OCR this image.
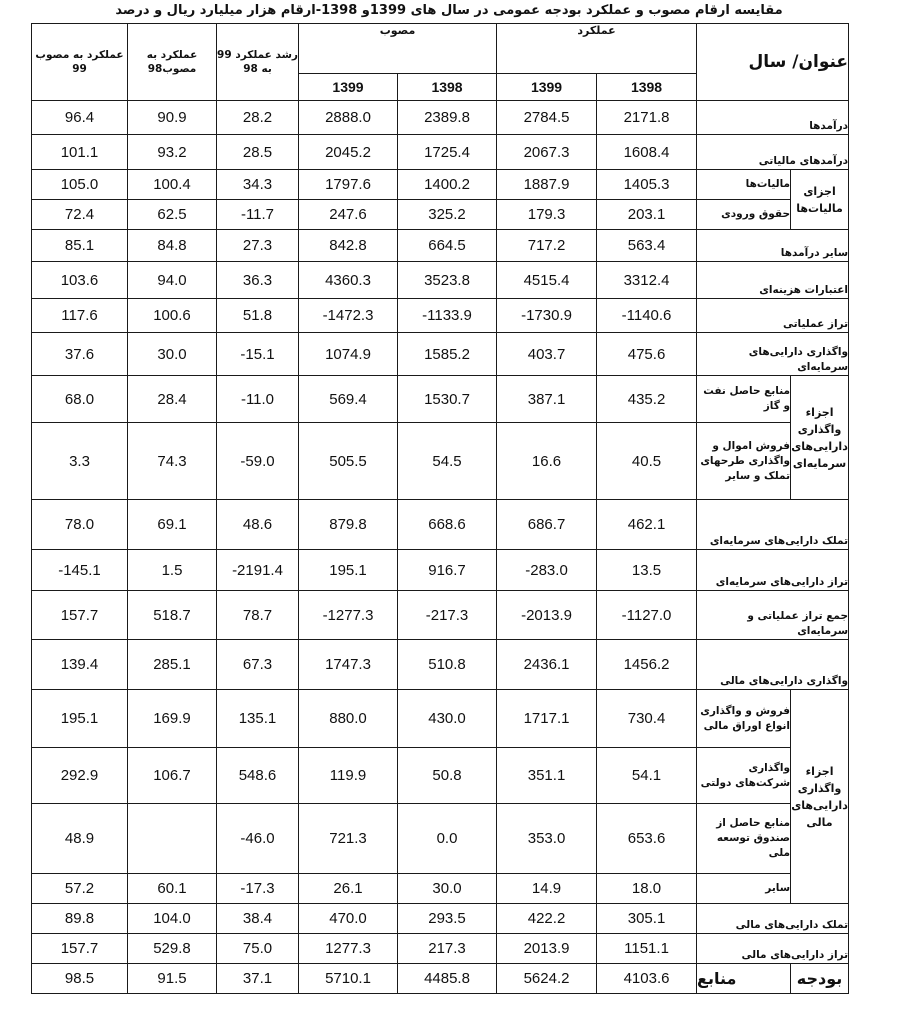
مقایسه ارقام مصوب و عملکرد بودجه عمومی در سال های 1399و 1398-ارقام هزار میلیارد ریال و درصد
عنوان/ سال		عملکرد		مصوب		رشد عملکرد 99 به 98	عملکرد به مصوب98	عملکرد به مصوب 99
		1398	1399	1398	1399			
درآمدها		2171.8	2784.5	2389.8	2888.0	28.2	90.9	96.4
درآمدهای مالیاتی		1608.4	2067.3	1725.4	2045.2	28.5	93.2	101.1
اجزای مالیات‌ها	مالیات‌ها	1405.3	1887.9	1400.2	1797.6	34.3	100.4	105.0
	حقوق ورودی	203.1	179.3	325.2	247.6	-11.7	62.5	72.4
سایر درآمدها		563.4	717.2	664.5	842.8	27.3	84.8	85.1
اعتبارات هزینه‌ای		3312.4	4515.4	3523.8	4360.3	36.3	94.0	103.6
تراز عملیاتی		-1140.6	-1730.9	-1133.9	-1472.3	51.8	100.6	117.6
واگذاری دارایی‌های سرمایه‌ای		475.6	403.7	1585.2	1074.9	-15.1	30.0	37.6
اجزاء واگذاری دارایی‌های سرمایه‌ای	منابع حاصل نفت و گاز	435.2	387.1	1530.7	569.4	-11.0	28.4	68.0
	فروش اموال و واگذاری طرحهای تملک و سایر	40.5	16.6	54.5	505.5	-59.0	74.3	3.3
تملک دارایی‌های سرمایه‌ای		462.1	686.7	668.6	879.8	48.6	69.1	78.0
تراز دارایی‌های سرمایه‌ای		13.5	-283.0	916.7	195.1	-2191.4	1.5	-145.1
جمع تراز عملیاتی و سرمایه‌ای		-1127.0	-2013.9	-217.3	-1277.3	78.7	518.7	157.7
واگذاری دارایی‌های مالی		1456.2	2436.1	510.8	1747.3	67.3	285.1	139.4
اجزاء واگذاری دارایی‌های مالی	فروش و واگذاری انواع اوراق مالی	730.4	1717.1	430.0	880.0	135.1	169.9	195.1
	واگذاری شرکت‌های دولتی	54.1	351.1	50.8	119.9	548.6	106.7	292.9
	منابع حاصل از صندوق توسعه ملی	653.6	353.0	0.0	721.3	-46.0		48.9
	سایر	18.0	14.9	30.0	26.1	-17.3	60.1	57.2
تملک دارایی‌های مالی		305.1	422.2	293.5	470.0	38.4	104.0	89.8
تراز دارایی‌های مالی		1151.1	2013.9	217.3	1277.3	75.0	529.8	157.7
بودجه	منابع	4103.6	5624.2	4485.8	5710.1	37.1	91.5	98.5
